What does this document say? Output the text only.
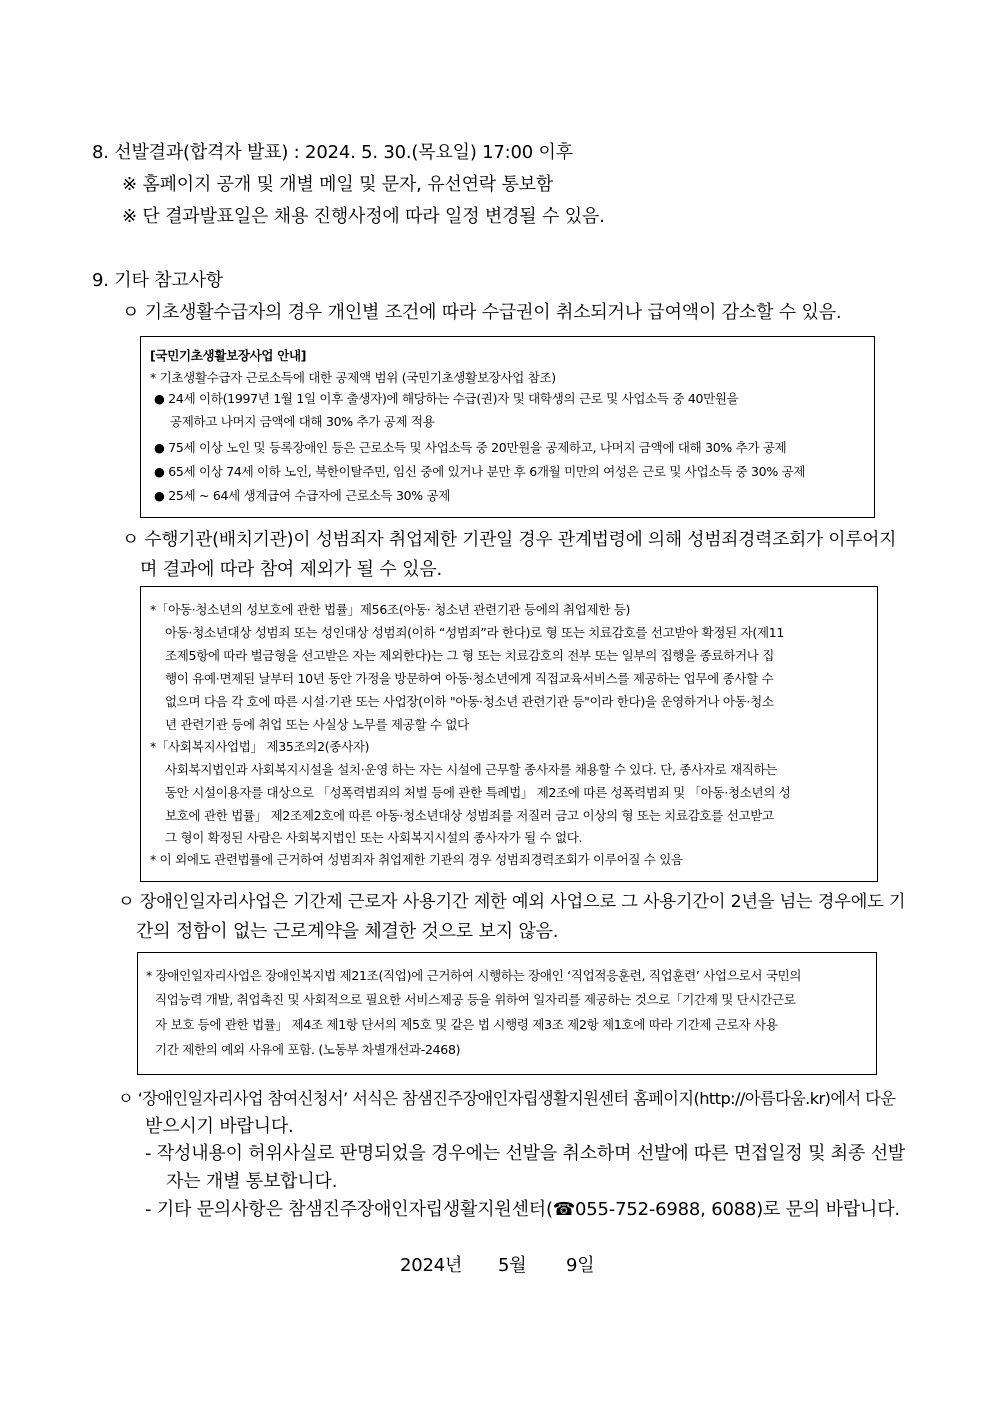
8. 선발결과(합격자 발표) : 2024. 5. 30.(목요일) 17:00 이후
※ 홈페이지 공개 및 개별 메일 및 문자, 유선연락 통보함
※ 단 결과발표일은 채용 진행사정에 따라 일정 변경될 수 있음.
9. 기타 참고사항
ㅇ 기초생활수급자의 경우 개인별 조건에 따라 수급권이 취소되거나 급여액이 감소할 수 있음.
[국민기초생활보장사업 안내]
* 기초생활수급자 근로소득에 대한 공제액 범위 (국민기초생활보장사업 참조)
● 24세 이하(1997년 1월 1일 이후 출생자)에 해당하는 수급(권)자 및 대학생의 근로 및 사업소득 중 40만원을
공제하고 나머지 금액에 대해 30% 추가 공제 적용
● 75세 이상 노인 및 등록장애인 등은 근로소득 및 사업소득 중 20만원을 공제하고, 나머지 금액에 대해 30% 추가 공제
● 65세 이상 74세 이하 노인, 북한이탈주민, 임신 중에 있거나 분만 후 6개월 미만의 여성은 근로 및 사업소득 중 30% 공제
● 25세 ~ 64세 생계급여 수급자에 근로소득 30% 공제
ㅇ 수행기관(배치기관)이 성범죄자 취업제한 기관일 경우 관계법령에 의해 성범죄경력조회가 이루어지
며 결과에 따라 참여 제외가 될 수 있음.
*「아동·청소년의 성보호에 관한 법률」제56조(아동· 청소년 관련기관 등에의 취업제한 등)
아동·청소년대상 성범죄 또는 성인대상 성범죄(이하 “성범죄”라 한다)로 형 또는 치료감호를 선고받아 확정된 자(제11
조제5항에 따라 벌금형을 선고받은 자는 제외한다)는 그 형 또는 치료감호의 전부 또는 일부의 집행을 종료하거나 집
행이 유예·면제된 날부터 10년 동안 가정을 방문하여 아동·청소년에게 직접교육서비스를 제공하는 업무에 종사할 수
없으며 다음 각 호에 따른 시설·기관 또는 사업장(이하 "아동·청소년 관련기관 등"이라 한다)을 운영하거나 아동·청소
년 관련기관 등에 취업 또는 사실상 노무를 제공할 수 없다
*「사회복지사업법」 제35조의2(종사자)
사회복지법인과 사회복지시설을 설치·운영 하는 자는 시설에 근무할 종사자를 채용할 수 있다. 단, 종사자로 재직하는
동안 시설이용자를 대상으로 「성폭력범죄의 처벌 등에 관한 특례법」 제2조에 따른 성폭력범죄 및 「아동·청소년의 성
보호에 관한 법률」 제2조제2호에 따른 아동·청소년대상 성범죄를 저질러 금고 이상의 형 또는 치료감호를 선고받고
그 형이 확정된 사람은 사회복지법인 또는 사회복지시설의 종사자가 될 수 없다.
* 이 외에도 관련법률에 근거하여 성범죄자 취업제한 기관의 경우 성범죄경력조회가 이루어질 수 있음
ㅇ 장애인일자리사업은 기간제 근로자 사용기간 제한 예외 사업으로 그 사용기간이 2년을 넘는 경우에도 기
간의 정함이 없는 근로계약을 체결한 것으로 보지 않음.
* 장애인일자리사업은 장애인복지법 제21조(직업)에 근거하여 시행하는 장애인 ‘직업적응훈련, 직업훈련’ 사업으로서 국민의
직업능력 개발, 취업촉진 및 사회적으로 필요한 서비스제공 등을 위하여 일자리를 제공하는 것으로「기간제 및 단시간근로
자 보호 등에 관한 법률」 제4조 제1항 단서의 제5호 및 같은 법 시행령 제3조 제2항 제1호에 따라 기간제 근로자 사용
기간 제한의 예외 사유에 포함. (노동부 차별개선과-2468)
ㅇ ‘장애인일자리사업 참여신청서’ 서식은 참샘진주장애인자립생활지원센터 홈페이지(http://아름다움.kr)에서 다운
받으시기 바랍니다.
- 작성내용이 허위사실로 판명되었을 경우에는 선발을 취소하며 선발에 따른 면접일정 및 최종 선발
자는 개별 통보합니다.
- 기타 문의사항은 참샘진주장애인자립생활지원센터(☎055-752-6988, 6088)로 문의 바랍니다.
2024년 5월 9일
